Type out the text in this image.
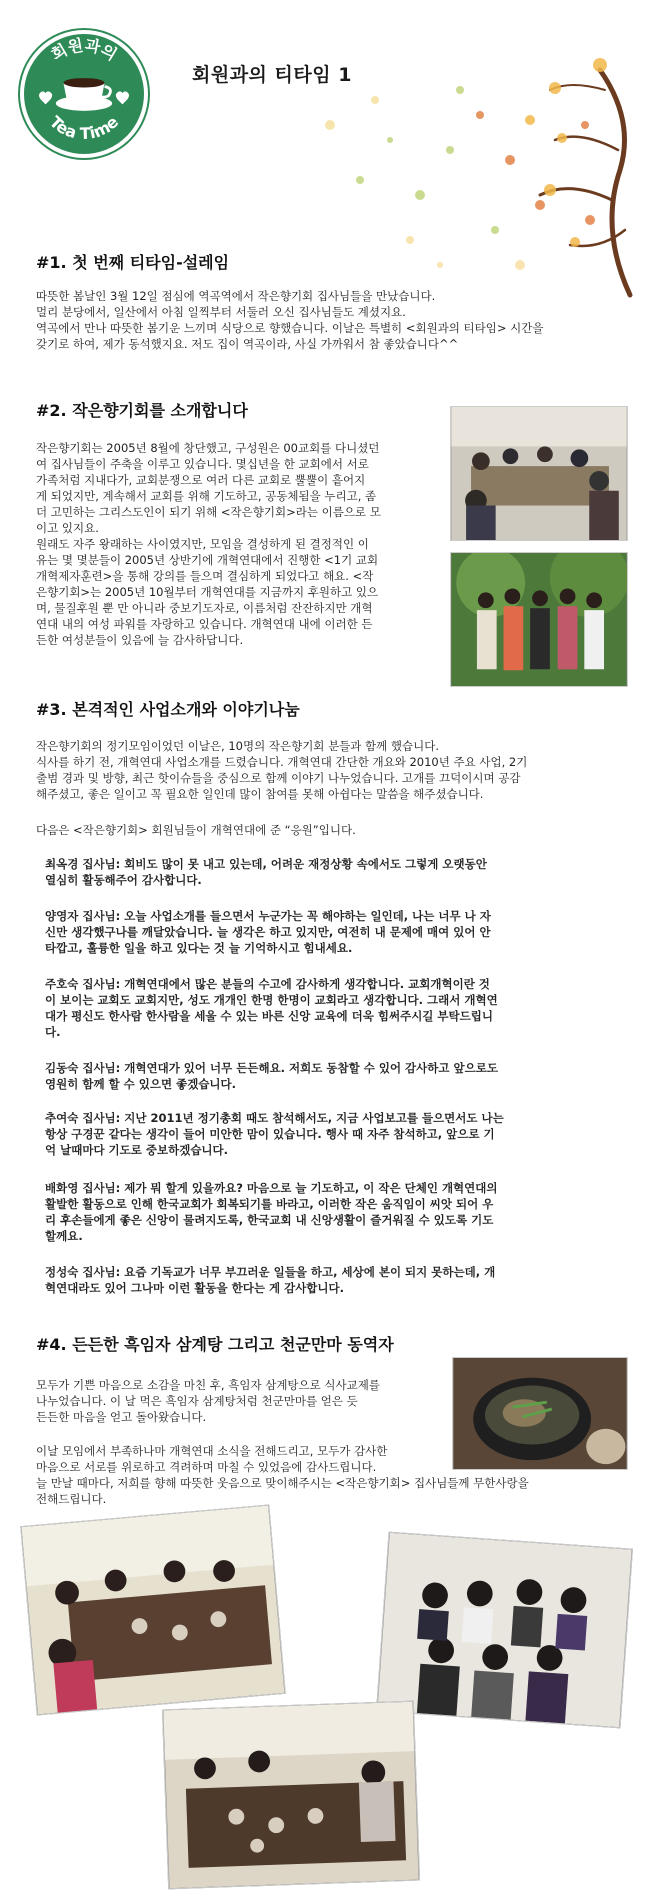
회원과의
Tea Time
회원과의 티타임 1
#1. 첫 번째 티타임-설레임
따뜻한 봄날인 3월 12일 점심에 역곡역에서 작은향기회 집사님들을 만났습니다.
멀리 분당에서, 일산에서 아침 일찍부터 서둘러 오신 집사님들도 계셨지요.
역곡에서 만나 따뜻한 봄기운 느끼며 식당으로 향했습니다. 이날은 특별히 <회원과의 티타임> 시간을
갖기로 하여, 제가 동석했지요. 저도 집이 역곡이라, 사실 가까워서 참 좋았습니다^^
#2. 작은향기회를 소개합니다
작은향기회는 2005년 8월에 창단했고, 구성원은 00교회를 다니셨던
여 집사님들이 주축을 이루고 있습니다. 몇십년을 한 교회에서 서로
가족처럼 지내다가, 교회분쟁으로 여러 다른 교회로 뿔뿔이 흩어지
게 되었지만, 계속해서 교회를 위해 기도하고, 공동체됨을 누리고, 좀
더 고민하는 그리스도인이 되기 위해 <작은향기회>라는 이름으로 모
이고 있지요.
원래도 자주 왕래하는 사이였지만, 모임을 결성하게 된 결정적인 이
유는 몇 몇분들이 2005년 상반기에 개혁연대에서 진행한 <1기 교회
개혁제자훈련>을 통해 강의를 들으며 결심하게 되었다고 해요. <작
은향기회>는 2005년 10월부터 개혁연대를 지금까지 후원하고 있으
며, 물질후원 뿐 만 아니라 중보기도자로, 이름처럼 잔잔하지만 개혁
연대 내의 여성 파워를 자랑하고 있습니다. 개혁연대 내에 이러한 든
든한 여성분들이 있음에 늘 감사하답니다.
#3. 본격적인 사업소개와 이야기나눔
작은향기회의 정기모임이었던 이날은, 10명의 작은향기회 분들과 함께 했습니다.
식사를 하기 전, 개혁연대 사업소개를 드렸습니다. 개혁연대 간단한 개요와 2010년 주요 사업, 2기
출범 경과 및 방향, 최근 핫이슈들을 중심으로 함께 이야기 나누었습니다. 고개를 끄덕이시며 공감
해주셨고, 좋은 일이고 꼭 필요한 일인데 많이 참여를 못해 아쉽다는 말씀을 해주셨습니다.
다음은 <작은향기회> 회원님들이 개혁연대에 준 “응원”입니다.
최옥경 집사님: 회비도 많이 못 내고 있는데, 어려운 재정상황 속에서도 그렇게 오랫동안
열심히 활동해주어 감사합니다.
양영자 집사님: 오늘 사업소개를 들으면서 누군가는 꼭 해야하는 일인데, 나는 너무 나 자
신만 생각했구나를 깨달았습니다. 늘 생각은 하고 있지만, 여전히 내 문제에 매여 있어 안
타깝고, 훌륭한 일을 하고 있다는 것 늘 기억하시고 힘내세요.
주호숙 집사님: 개혁연대에서 많은 분들의 수고에 감사하게 생각합니다. 교회개혁이란 것
이 보이는 교회도 교회지만, 성도 개개인 한명 한명이 교회라고 생각합니다. 그래서 개혁연
대가 평신도 한사람 한사람을 세울 수 있는 바른 신앙 교육에 더욱 힘써주시길 부탁드립니
다.
김동숙 집사님: 개혁연대가 있어 너무 든든해요. 저희도 동참할 수 있어 감사하고 앞으로도
영원히 함께 할 수 있으면 좋겠습니다.
추여숙 집사님: 지난 2011년 정기총회 때도 참석해서도, 지금 사업보고를 들으면서도 나는
항상 구경꾼 같다는 생각이 들어 미안한 맘이 있습니다. 행사 때 자주 참석하고, 앞으로 기
억 날때마다 기도로 중보하겠습니다.
배화영 집사님: 제가 뭐 할게 있을까요? 마음으로 늘 기도하고, 이 작은 단체인 개혁연대의
활발한 활동으로 인해 한국교회가 회복되기를 바라고, 이러한 작은 움직임이 씨앗 되어 우
리 후손들에게 좋은 신앙이 물려지도록, 한국교회 내 신앙생활이 즐거워질 수 있도록 기도
할께요.
정성숙 집사님: 요즘 기독교가 너무 부끄러운 일들을 하고, 세상에 본이 되지 못하는데, 개
혁연대라도 있어 그나마 이런 활동을 한다는 게 감사합니다.
#4. 든든한 흑임자 삼계탕 그리고 천군만마 동역자
모두가 기쁜 마음으로 소감을 마친 후, 흑임자 삼계탕으로 식사교제를
나누었습니다. 이 날 먹은 흑임자 삼계탕처럼 천군만마를 얻은 듯
든든한 마음을 얻고 돌아왔습니다.
이날 모임에서 부족하나마 개혁연대 소식을 전해드리고, 모두가 감사한
마음으로 서로를 위로하고 격려하며 마칠 수 있었음에 감사드립니다.
늘 만날 때마다, 저희를 향해 따뜻한 웃음으로 맞이해주시는 <작은향기회> 집사님들께 무한사랑을
전해드립니다.
